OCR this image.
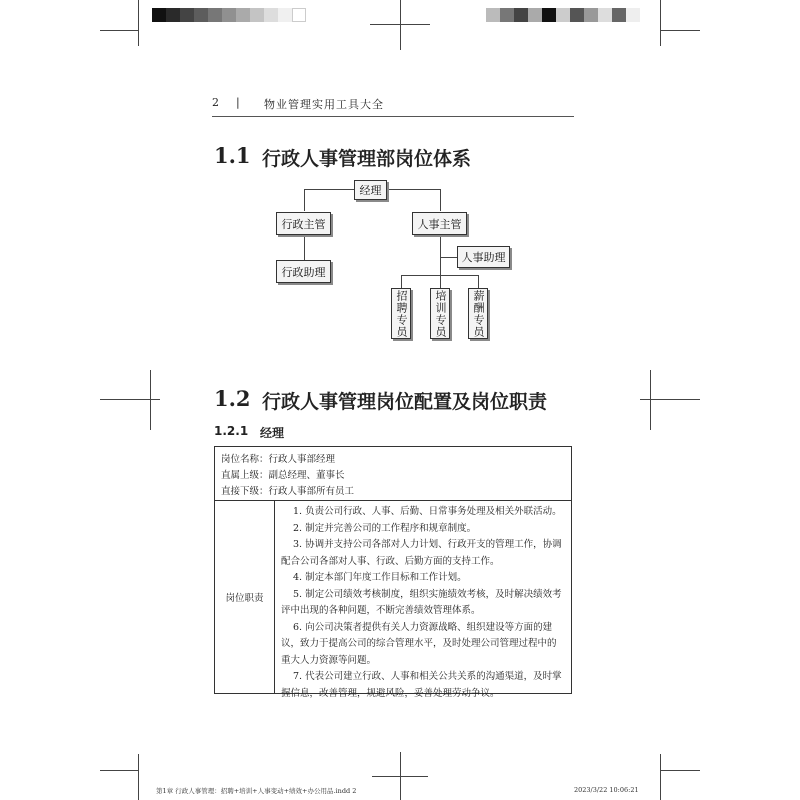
2 | 物业管理实用工具大全
1.1 行政人事管理部岗位体系
经理
行政主管	人事主管
行政助理
人事助理
招聘专员	培训专员	薪酬专员
1.2 行政人事管理岗位配置及岗位职责
1.2.1 经理
岗位名称：行政人事部经理
直属上级：副总经理、董事长
直接下级：行政人事部所有员工
岗位职责

1. 负责公司行政、人事、后勤、日常事务处理及相关外联活动。

2. 制定并完善公司的工作程序和规章制度。

3. 协调并支持公司各部对人力计划、行政开支的管理工作，协调配合公司各部对人事、行政、后勤方面的支持工作。

4. 制定本部门年度工作目标和工作计划。

5. 制定公司绩效考核制度，组织实施绩效考核，及时解决绩效考评中出现的各种问题，不断完善绩效管理体系。

6. 向公司决策者提供有关人力资源战略、组织建设等方面的建议，致力于提高公司的综合管理水平，及时处理公司管理过程中的重大人力资源等问题。

7. 代表公司建立行政、人事和相关公共关系的沟通渠道，及时掌握信息，改善管理，规避风险，妥善处理劳动争议。

第1章 行政人事管理：招聘+培训+人事变动+绩效+办公用品.indd 2	2023/3/22 10:06:21
